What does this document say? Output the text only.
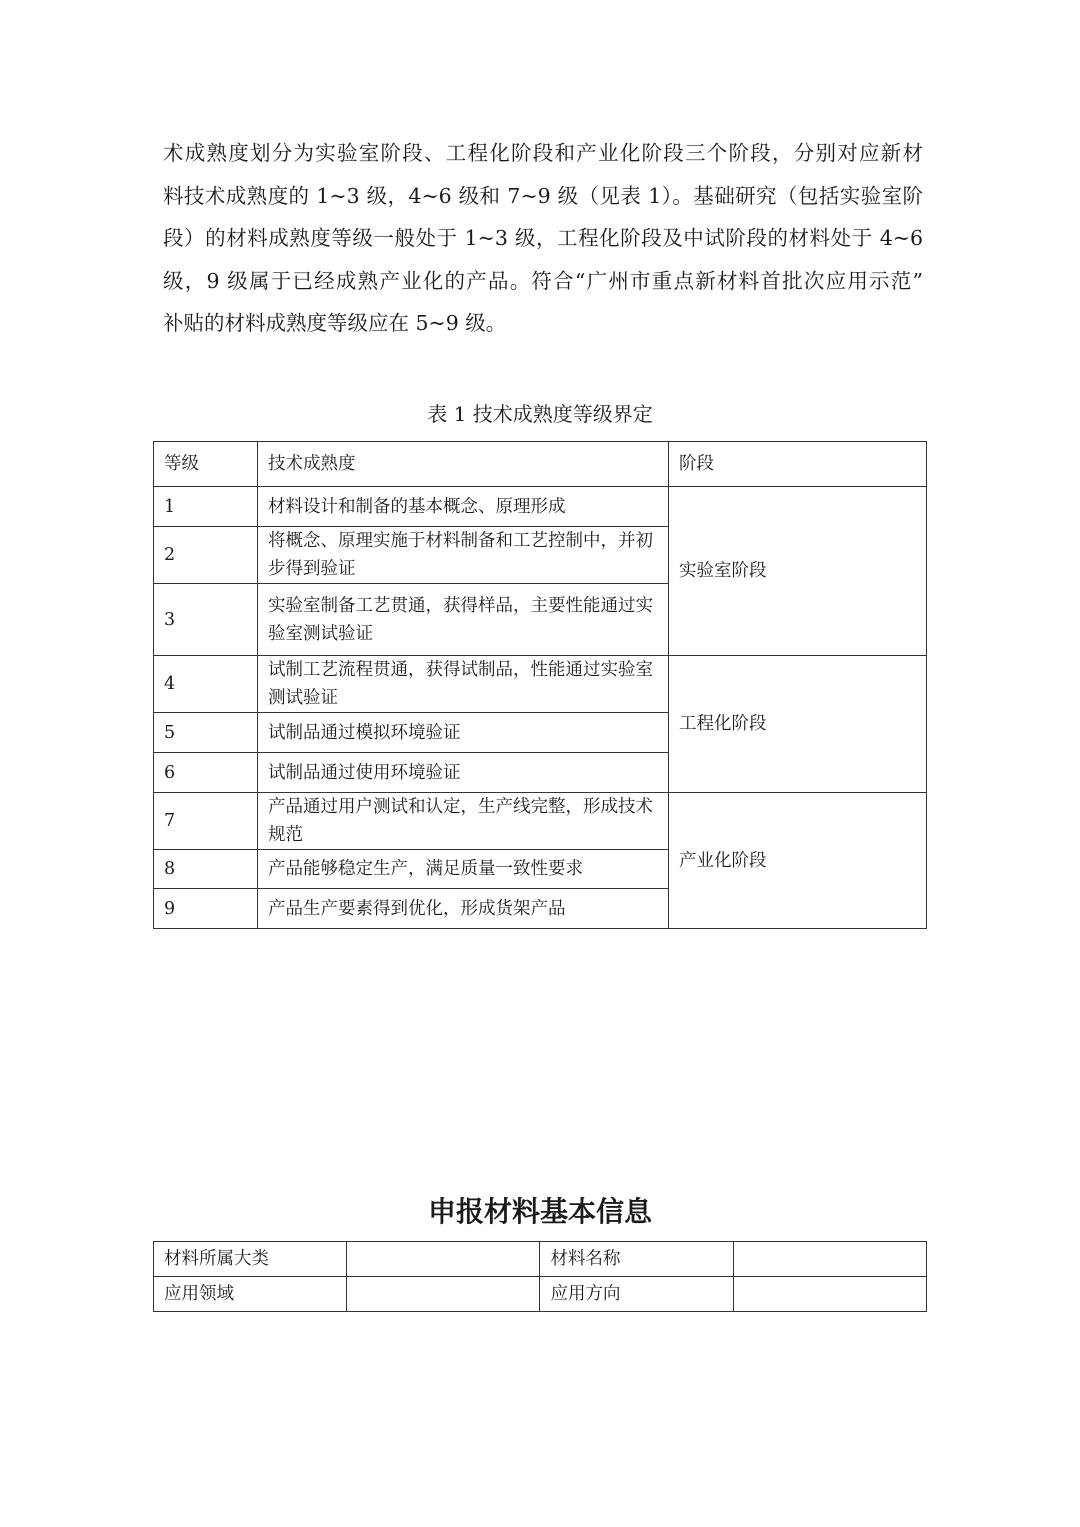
术成熟度划分为实验室阶段、工程化阶段和产业化阶段三个阶段，分别对应新材
料技术成熟度的 1~3 级，4~6 级和 7~9 级（见表 1）。基础研究（包括实验室阶
段）的材料成熟度等级一般处于 1~3 级，工程化阶段及中试阶段的材料处于 4~6
级，9 级属于已经成熟产业化的产品。符合“广州市重点新材料首批次应用示范”
补贴的材料成熟度等级应在 5~9 级。
表 1 技术成熟度等级界定
等级	技术成熟度	阶段
1	材料设计和制备的基本概念、原理形成	实验室阶段
2	将概念、原理实施于材料制备和工艺控制中，并初步得到验证	
3	实验室制备工艺贯通，获得样品，主要性能通过实验室测试验证	
4	试制工艺流程贯通，获得试制品，性能通过实验室测试验证	工程化阶段
5	试制品通过模拟环境验证	
6	试制品通过使用环境验证	
7	产品通过用户测试和认定，生产线完整，形成技术规范	产业化阶段
8	产品能够稳定生产，满足质量一致性要求	
9	产品生产要素得到优化，形成货架产品	
申报材料基本信息
材料所属大类		材料名称	
应用领域		应用方向	
